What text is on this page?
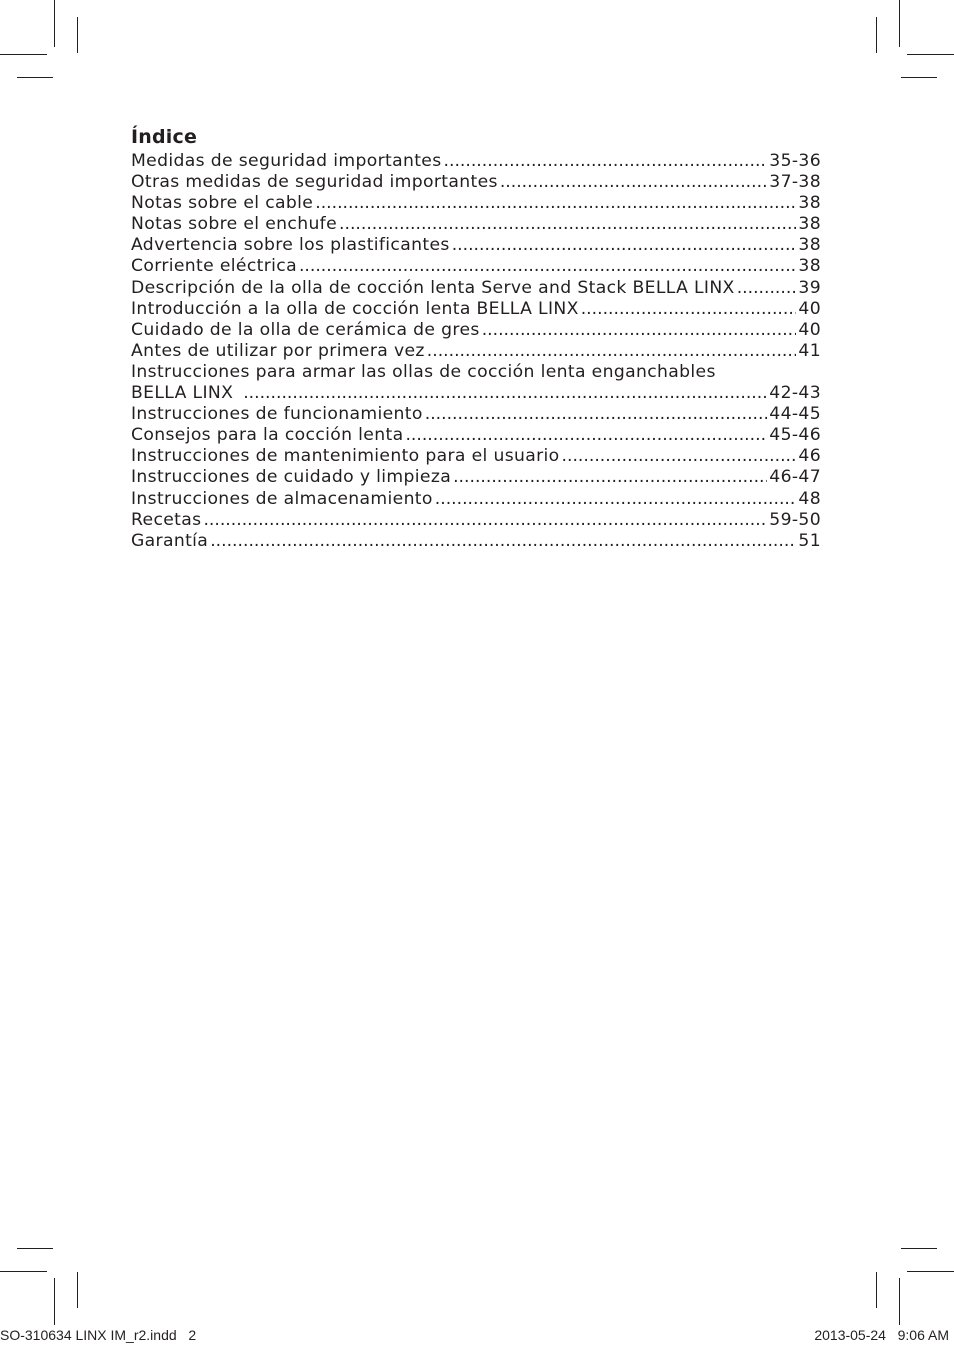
Índice
Medidas de seguridad importantes .....	35-36
Otras medidas de seguridad importantes .....	37-38
Notas sobre el cable .....	38
Notas sobre el enchufe .....	38
Advertencia sobre los plastificantes .....	38
Corriente eléctrica .....	38
Descripción de la olla de cocción lenta Serve and Stack BELLA LINX .....	39
Introducción a la olla de cocción lenta BELLA LINX .....	40
Cuidado de la olla de cerámica de gres .....	40
Antes de utilizar por primera vez .....	41
Instrucciones para armar las ollas de cocción lenta enganchables
BELLA LINX .....	42-43
Instrucciones de funcionamiento .....	44-45
Consejos para la cocción lenta .....	45-46
Instrucciones de mantenimiento para el usuario .....	46
Instrucciones de cuidado y limpieza .....	46-47
Instrucciones de almacenamiento .....	48
Recetas .....	59-50
Garantía .....	51
SO-310634 LINX IM_r2.indd   2	2013-05-24   9:06 AM
